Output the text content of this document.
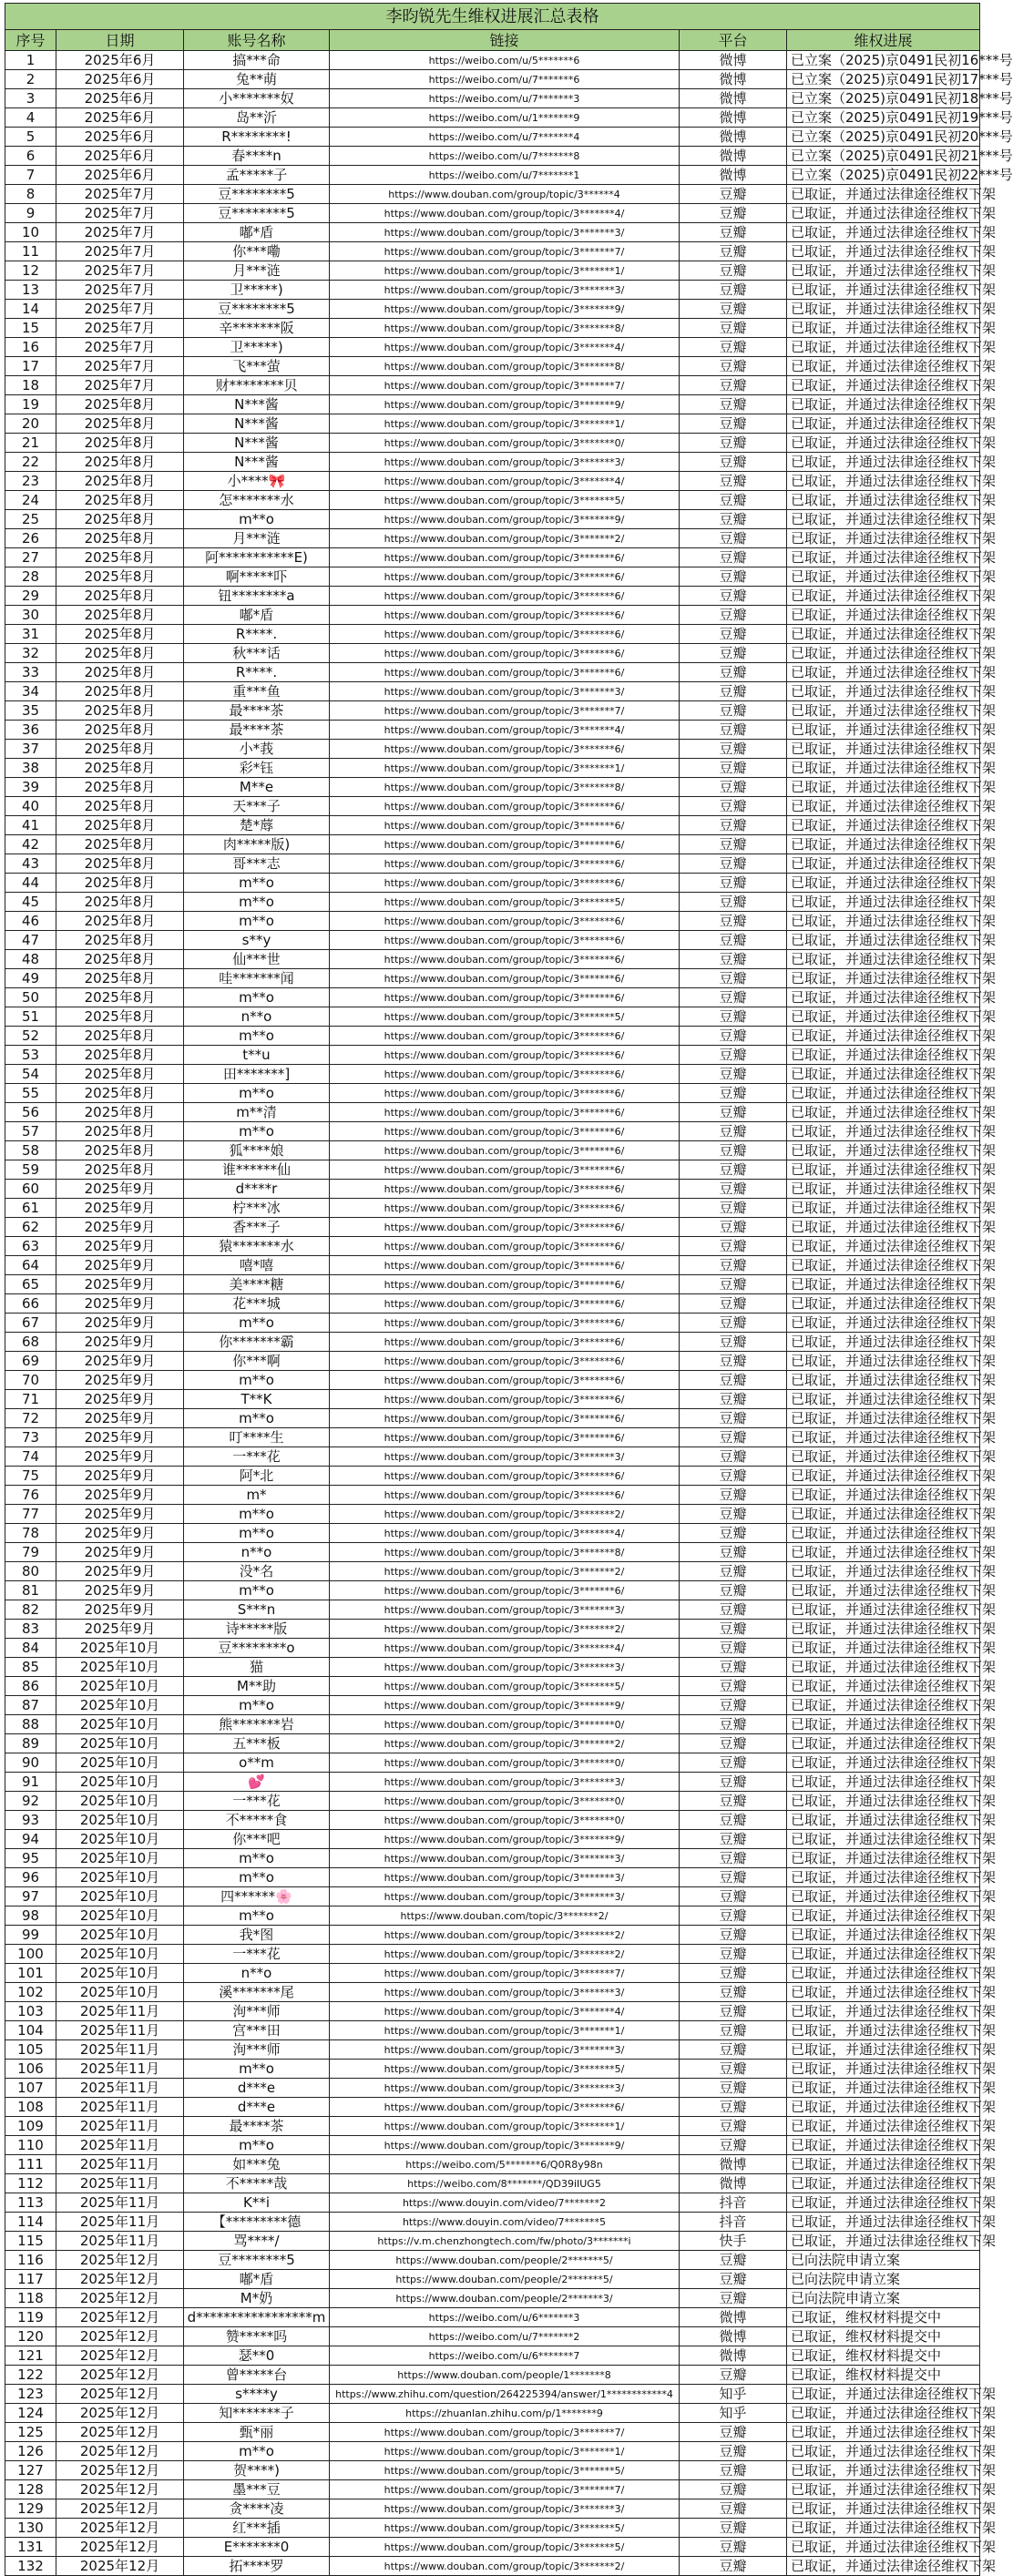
李昀锐先生维权进展汇总表格					
序号	日期	账号名称	链接	平台	维权进展
1	2025年6月	搞***命	https://weibo.com/u/5*******6	微博	已立案（2025)京0491民初16***号
2	2025年6月	兔**萌	https://weibo.com/u/7*******6	微博	已立案（2025)京0491民初17***号
3	2025年6月	小*******奴	https://weibo.com/u/7*******3	微博	已立案（2025)京0491民初18***号
4	2025年6月	岛**沂	https://weibo.com/u/1*******9	微博	已立案（2025)京0491民初19***号
5	2025年6月	R********!	https://weibo.com/u/7*******4	微博	已立案（2025)京0491民初20***号
6	2025年6月	春****n	https://weibo.com/u/7*******8	微博	已立案（2025)京0491民初21***号
7	2025年6月	孟*****子	https://weibo.com/u/7*******1	微博	已立案（2025)京0491民初22***号
8	2025年7月	豆********5	https://www.douban.com/group/topic/3******4	豆瓣	已取证，并通过法律途径维权下架
9	2025年7月	豆********5	https://www.douban.com/group/topic/3*******4/	豆瓣	已取证，并通过法律途径维权下架
10	2025年7月	嘟*盾	https://www.douban.com/group/topic/3*******3/	豆瓣	已取证，并通过法律途径维权下架
11	2025年7月	你***嘞	https://www.douban.com/group/topic/3*******7/	豆瓣	已取证，并通过法律途径维权下架
12	2025年7月	月***涟	https://www.douban.com/group/topic/3*******1/	豆瓣	已取证，并通过法律途径维权下架
13	2025年7月	卫*****)	https://www.douban.com/group/topic/3*******3/	豆瓣	已取证，并通过法律途径维权下架
14	2025年7月	豆********5	https://www.douban.com/group/topic/3*******9/	豆瓣	已取证，并通过法律途径维权下架
15	2025年7月	辛*******阪	https://www.douban.com/group/topic/3*******8/	豆瓣	已取证，并通过法律途径维权下架
16	2025年7月	卫*****)	https://www.douban.com/group/topic/3*******4/	豆瓣	已取证，并通过法律途径维权下架
17	2025年7月	飞***萤	https://www.douban.com/group/topic/3*******8/	豆瓣	已取证，并通过法律途径维权下架
18	2025年7月	财********贝	https://www.douban.com/group/topic/3*******7/	豆瓣	已取证，并通过法律途径维权下架
19	2025年8月	N***酱	https://www.douban.com/group/topic/3*******9/	豆瓣	已取证，并通过法律途径维权下架
20	2025年8月	N***酱	https://www.douban.com/group/topic/3*******1/	豆瓣	已取证，并通过法律途径维权下架
21	2025年8月	N***酱	https://www.douban.com/group/topic/3*******0/	豆瓣	已取证，并通过法律途径维权下架
22	2025年8月	N***酱	https://www.douban.com/group/topic/3*******3/	豆瓣	已取证，并通过法律途径维权下架
23	2025年8月	小****🎀	https://www.douban.com/group/topic/3*******4/	豆瓣	已取证，并通过法律途径维权下架
24	2025年8月	怎*******水	https://www.douban.com/group/topic/3*******5/	豆瓣	已取证，并通过法律途径维权下架
25	2025年8月	m**o	https://www.douban.com/group/topic/3*******9/	豆瓣	已取证，并通过法律途径维权下架
26	2025年8月	月***涟	https://www.douban.com/group/topic/3*******2/	豆瓣	已取证，并通过法律途径维权下架
27	2025年8月	阿***********E)	https://www.douban.com/group/topic/3*******6/	豆瓣	已取证，并通过法律途径维权下架
28	2025年8月	啊*****吓	https://www.douban.com/group/topic/3*******6/	豆瓣	已取证，并通过法律途径维权下架
29	2025年8月	钮********a	https://www.douban.com/group/topic/3*******6/	豆瓣	已取证，并通过法律途径维权下架
30	2025年8月	嘟*盾	https://www.douban.com/group/topic/3*******6/	豆瓣	已取证，并通过法律途径维权下架
31	2025年8月	R****.	https://www.douban.com/group/topic/3*******6/	豆瓣	已取证，并通过法律途径维权下架
32	2025年8月	秋***话	https://www.douban.com/group/topic/3*******6/	豆瓣	已取证，并通过法律途径维权下架
33	2025年8月	R****.	https://www.douban.com/group/topic/3*******6/	豆瓣	已取证，并通过法律途径维权下架
34	2025年8月	重***鱼	https://www.douban.com/group/topic/3*******3/	豆瓣	已取证，并通过法律途径维权下架
35	2025年8月	最****茶	https://www.douban.com/group/topic/3*******7/	豆瓣	已取证，并通过法律途径维权下架
36	2025年8月	最****茶	https://www.douban.com/group/topic/3*******4/	豆瓣	已取证，并通过法律途径维权下架
37	2025年8月	小*莪	https://www.douban.com/group/topic/3*******6/	豆瓣	已取证，并通过法律途径维权下架
38	2025年8月	彩*钰	https://www.douban.com/group/topic/3*******1/	豆瓣	已取证，并通过法律途径维权下架
39	2025年8月	M**e	https://www.douban.com/group/topic/3*******8/	豆瓣	已取证，并通过法律途径维权下架
40	2025年8月	天***子	https://www.douban.com/group/topic/3*******6/	豆瓣	已取证，并通过法律途径维权下架
41	2025年8月	楚*蓐	https://www.douban.com/group/topic/3*******6/	豆瓣	已取证，并通过法律途径维权下架
42	2025年8月	肉*****版)	https://www.douban.com/group/topic/3*******6/	豆瓣	已取证，并通过法律途径维权下架
43	2025年8月	哥***志	https://www.douban.com/group/topic/3*******6/	豆瓣	已取证，并通过法律途径维权下架
44	2025年8月	m**o	https://www.douban.com/group/topic/3*******6/	豆瓣	已取证，并通过法律途径维权下架
45	2025年8月	m**o	https://www.douban.com/group/topic/3*******5/	豆瓣	已取证，并通过法律途径维权下架
46	2025年8月	m**o	https://www.douban.com/group/topic/3*******6/	豆瓣	已取证，并通过法律途径维权下架
47	2025年8月	s**y	https://www.douban.com/group/topic/3*******6/	豆瓣	已取证，并通过法律途径维权下架
48	2025年8月	仙***世	https://www.douban.com/group/topic/3*******6/	豆瓣	已取证，并通过法律途径维权下架
49	2025年8月	哇*******闻	https://www.douban.com/group/topic/3*******6/	豆瓣	已取证，并通过法律途径维权下架
50	2025年8月	m**o	https://www.douban.com/group/topic/3*******6/	豆瓣	已取证，并通过法律途径维权下架
51	2025年8月	n**o	https://www.douban.com/group/topic/3*******5/	豆瓣	已取证，并通过法律途径维权下架
52	2025年8月	m**o	https://www.douban.com/group/topic/3*******6/	豆瓣	已取证，并通过法律途径维权下架
53	2025年8月	t**u	https://www.douban.com/group/topic/3*******6/	豆瓣	已取证，并通过法律途径维权下架
54	2025年8月	田*******]	https://www.douban.com/group/topic/3*******6/	豆瓣	已取证，并通过法律途径维权下架
55	2025年8月	m**o	https://www.douban.com/group/topic/3*******6/	豆瓣	已取证，并通过法律途径维权下架
56	2025年8月	m**清	https://www.douban.com/group/topic/3*******6/	豆瓣	已取证，并通过法律途径维权下架
57	2025年8月	m**o	https://www.douban.com/group/topic/3*******6/	豆瓣	已取证，并通过法律途径维权下架
58	2025年8月	狐****娘	https://www.douban.com/group/topic/3*******6/	豆瓣	已取证，并通过法律途径维权下架
59	2025年8月	谁******仙	https://www.douban.com/group/topic/3*******6/	豆瓣	已取证，并通过法律途径维权下架
60	2025年9月	d****r	https://www.douban.com/group/topic/3*******6/	豆瓣	已取证，并通过法律途径维权下架
61	2025年9月	柠***冰	https://www.douban.com/group/topic/3*******6/	豆瓣	已取证，并通过法律途径维权下架
62	2025年9月	香***子	https://www.douban.com/group/topic/3*******6/	豆瓣	已取证，并通过法律途径维权下架
63	2025年9月	猿*******水	https://www.douban.com/group/topic/3*******6/	豆瓣	已取证，并通过法律途径维权下架
64	2025年9月	嘻*嘻	https://www.douban.com/group/topic/3*******6/	豆瓣	已取证，并通过法律途径维权下架
65	2025年9月	美****糖	https://www.douban.com/group/topic/3*******6/	豆瓣	已取证，并通过法律途径维权下架
66	2025年9月	花***城	https://www.douban.com/group/topic/3*******6/	豆瓣	已取证，并通过法律途径维权下架
67	2025年9月	m**o	https://www.douban.com/group/topic/3*******6/	豆瓣	已取证，并通过法律途径维权下架
68	2025年9月	你*******霸	https://www.douban.com/group/topic/3*******6/	豆瓣	已取证，并通过法律途径维权下架
69	2025年9月	你***啊	https://www.douban.com/group/topic/3*******6/	豆瓣	已取证，并通过法律途径维权下架
70	2025年9月	m**o	https://www.douban.com/group/topic/3*******6/	豆瓣	已取证，并通过法律途径维权下架
71	2025年9月	T**K	https://www.douban.com/group/topic/3*******6/	豆瓣	已取证，并通过法律途径维权下架
72	2025年9月	m**o	https://www.douban.com/group/topic/3*******6/	豆瓣	已取证，并通过法律途径维权下架
73	2025年9月	叮****生	https://www.douban.com/group/topic/3*******6/	豆瓣	已取证，并通过法律途径维权下架
74	2025年9月	一***花	https://www.douban.com/group/topic/3*******3/	豆瓣	已取证，并通过法律途径维权下架
75	2025年9月	阿*北	https://www.douban.com/group/topic/3*******6/	豆瓣	已取证，并通过法律途径维权下架
76	2025年9月	m*	https://www.douban.com/group/topic/3*******6/	豆瓣	已取证，并通过法律途径维权下架
77	2025年9月	m**o	https://www.douban.com/group/topic/3*******2/	豆瓣	已取证，并通过法律途径维权下架
78	2025年9月	m**o	https://www.douban.com/group/topic/3*******4/	豆瓣	已取证，并通过法律途径维权下架
79	2025年9月	n**o	https://www.douban.com/group/topic/3*******8/	豆瓣	已取证，并通过法律途径维权下架
80	2025年9月	没*名	https://www.douban.com/group/topic/3*******2/	豆瓣	已取证，并通过法律途径维权下架
81	2025年9月	m**o	https://www.douban.com/group/topic/3*******6/	豆瓣	已取证，并通过法律途径维权下架
82	2025年9月	S***n	https://www.douban.com/group/topic/3*******3/	豆瓣	已取证，并通过法律途径维权下架
83	2025年9月	诗*****版	https://www.douban.com/group/topic/3*******2/	豆瓣	已取证，并通过法律途径维权下架
84	2025年10月	豆********o	https://www.douban.com/group/topic/3*******4/	豆瓣	已取证，并通过法律途径维权下架
85	2025年10月	猫	https://www.douban.com/group/topic/3*******3/	豆瓣	已取证，并通过法律途径维权下架
86	2025年10月	M**助	https://www.douban.com/group/topic/3*******5/	豆瓣	已取证，并通过法律途径维权下架
87	2025年10月	m**o	https://www.douban.com/group/topic/3*******9/	豆瓣	已取证，并通过法律途径维权下架
88	2025年10月	熊*******岩	https://www.douban.com/group/topic/3*******0/	豆瓣	已取证，并通过法律途径维权下架
89	2025年10月	五***板	https://www.douban.com/group/topic/3*******2/	豆瓣	已取证，并通过法律途径维权下架
90	2025年10月	o**m	https://www.douban.com/group/topic/3*******0/	豆瓣	已取证，并通过法律途径维权下架
91	2025年10月	💕	https://www.douban.com/group/topic/3*******3/	豆瓣	已取证，并通过法律途径维权下架
92	2025年10月	一***花	https://www.douban.com/group/topic/3*******0/	豆瓣	已取证，并通过法律途径维权下架
93	2025年10月	不*****食	https://www.douban.com/group/topic/3*******0/	豆瓣	已取证，并通过法律途径维权下架
94	2025年10月	你***吧	https://www.douban.com/group/topic/3*******9/	豆瓣	已取证，并通过法律途径维权下架
95	2025年10月	m**o	https://www.douban.com/group/topic/3*******3/	豆瓣	已取证，并通过法律途径维权下架
96	2025年10月	m**o	https://www.douban.com/group/topic/3*******3/	豆瓣	已取证，并通过法律途径维权下架
97	2025年10月	四******🌸	https://www.douban.com/group/topic/3*******3/	豆瓣	已取证，并通过法律途径维权下架
98	2025年10月	m**o	https://www.douban.com/topic/3*******2/	豆瓣	已取证，并通过法律途径维权下架
99	2025年10月	我*图	https://www.douban.com/group/topic/3*******2/	豆瓣	已取证，并通过法律途径维权下架
100	2025年10月	一***花	https://www.douban.com/group/topic/3*******2/	豆瓣	已取证，并通过法律途径维权下架
101	2025年10月	n**o	https://www.douban.com/group/topic/3*******7/	豆瓣	已取证，并通过法律途径维权下架
102	2025年10月	溪*******尾	https://www.douban.com/group/topic/3*******3/	豆瓣	已取证，并通过法律途径维权下架
103	2025年11月	洵***师	https://www.douban.com/group/topic/3*******4/	豆瓣	已取证，并通过法律途径维权下架
104	2025年11月	宫***田	https://www.douban.com/group/topic/3*******1/	豆瓣	已取证，并通过法律途径维权下架
105	2025年11月	洵***师	https://www.douban.com/group/topic/3*******3/	豆瓣	已取证，并通过法律途径维权下架
106	2025年11月	m**o	https://www.douban.com/group/topic/3*******5/	豆瓣	已取证，并通过法律途径维权下架
107	2025年11月	d***e	https://www.douban.com/group/topic/3*******3/	豆瓣	已取证，并通过法律途径维权下架
108	2025年11月	d***e	https://www.douban.com/group/topic/3*******6/	豆瓣	已取证，并通过法律途径维权下架
109	2025年11月	最****茶	https://www.douban.com/group/topic/3*******1/	豆瓣	已取证，并通过法律途径维权下架
110	2025年11月	m**o	https://www.douban.com/group/topic/3*******9/	豆瓣	已取证，并通过法律途径维权下架
111	2025年11月	如***兔	https://weibo.com/5*******6/Q0R8y98n	微博	已取证，并通过法律途径维权下架
112	2025年11月	不*****哉	https://weibo.com/8*******/QD39iIUG5	微博	已取证，并通过法律途径维权下架
113	2025年11月	K**i	https://www.douyin.com/video/7*******2	抖音	已取证，并通过法律途径维权下架
114	2025年11月	【*********德	https://www.douyin.com/video/7*******5	抖音	已取证，并通过法律途径维权下架
115	2025年11月	骂****/	https://v.m.chenzhongtech.com/fw/photo/3*******i	快手	已取证，并通过法律途径维权下架
116	2025年12月	豆********5	https://www.douban.com/people/2*******5/	豆瓣	已向法院申请立案
117	2025年12月	嘟*盾	https://www.douban.com/people/2*******5/	豆瓣	已向法院申请立案
118	2025年12月	M*奶	https://www.douban.com/people/2*******3/	豆瓣	已向法院申请立案
119	2025年12月	d*****************m	https://weibo.com/u/6*******3	微博	已取证，维权材料提交中
120	2025年12月	赞*****吗	https://weibo.com/u/7*******2	微博	已取证，维权材料提交中
121	2025年12月	瑟**0	https://weibo.com/u/6*******7	微博	已取证，维权材料提交中
122	2025年12月	曾*****台	https://www.douban.com/people/1*******8	豆瓣	已取证，维权材料提交中
123	2025年12月	s****y	https://www.zhihu.com/question/264225394/answer/1************4	知乎	已取证，并通过法律途径维权下架
124	2025年12月	知*******子	https://zhuanlan.zhihu.com/p/1*******9	知乎	已取证，并通过法律途径维权下架
125	2025年12月	甄*丽	https://www.douban.com/group/topic/3*******7/	豆瓣	已取证，并通过法律途径维权下架
126	2025年12月	m**o	https://www.douban.com/group/topic/3*******1/	豆瓣	已取证，并通过法律途径维权下架
127	2025年12月	贺****)	https://www.douban.com/group/topic/3*******5/	豆瓣	已取证，并通过法律途径维权下架
128	2025年12月	墨***豆	https://www.douban.com/group/topic/3*******7/	豆瓣	已取证，并通过法律途径维权下架
129	2025年12月	贪****凌	https://www.douban.com/group/topic/3*******3/	豆瓣	已取证，并通过法律途径维权下架
130	2025年12月	红***插	https://www.douban.com/group/topic/3*******5/	豆瓣	已取证，并通过法律途径维权下架
131	2025年12月	E*******0	https://www.douban.com/group/topic/3*******5/	豆瓣	已取证，并通过法律途径维权下架
132	2025年12月	拓****罗	https://www.douban.com/group/topic/3*******2/	豆瓣	已取证，并通过法律途径维权下架
